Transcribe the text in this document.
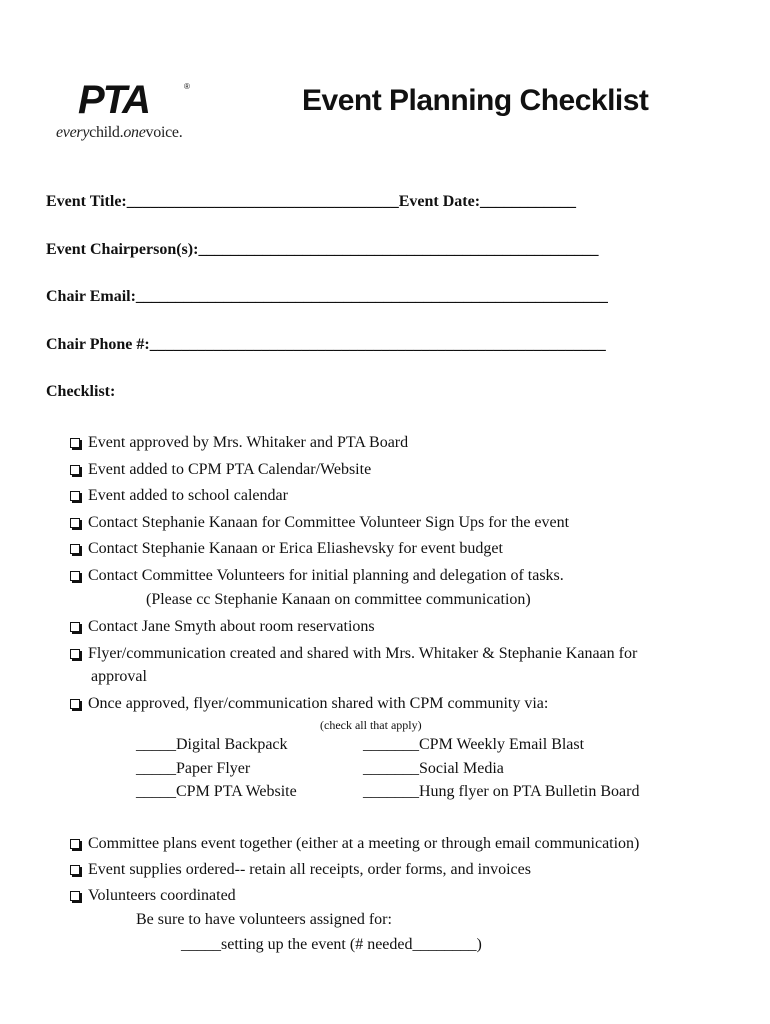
PTA	®
everychild.onevoice.
Event Planning Checklist
Event Title:__________________________________Event Date:____________
Event Chairperson(s):__________________________________________________
Chair Email:___________________________________________________________
Chair Phone #:_________________________________________________________
Checklist:
Event approved by Mrs. Whitaker and PTA Board
Event added to CPM PTA Calendar/Website
Event added to school calendar
Contact Stephanie Kanaan for Committee Volunteer Sign Ups for the event
Contact Stephanie Kanaan or Erica Eliashevsky for event budget
Contact Committee Volunteers for initial planning and delegation of tasks.
(Please cc Stephanie Kanaan on committee communication)
Contact Jane Smyth about room reservations
Flyer/communication created and shared with Mrs. Whitaker & Stephanie Kanaan for
approval
Once approved, flyer/communication shared with CPM community via:
(check all that apply)
_____Digital Backpack
_____Paper Flyer
_____CPM PTA Website
_______CPM Weekly Email Blast
_______Social Media
_______Hung flyer on PTA Bulletin Board
Committee plans event together (either at a meeting or through email communication)
Event supplies ordered-- retain all receipts, order forms, and invoices
Volunteers coordinated
Be sure to have volunteers assigned for:
_____setting up the event (# needed________)
